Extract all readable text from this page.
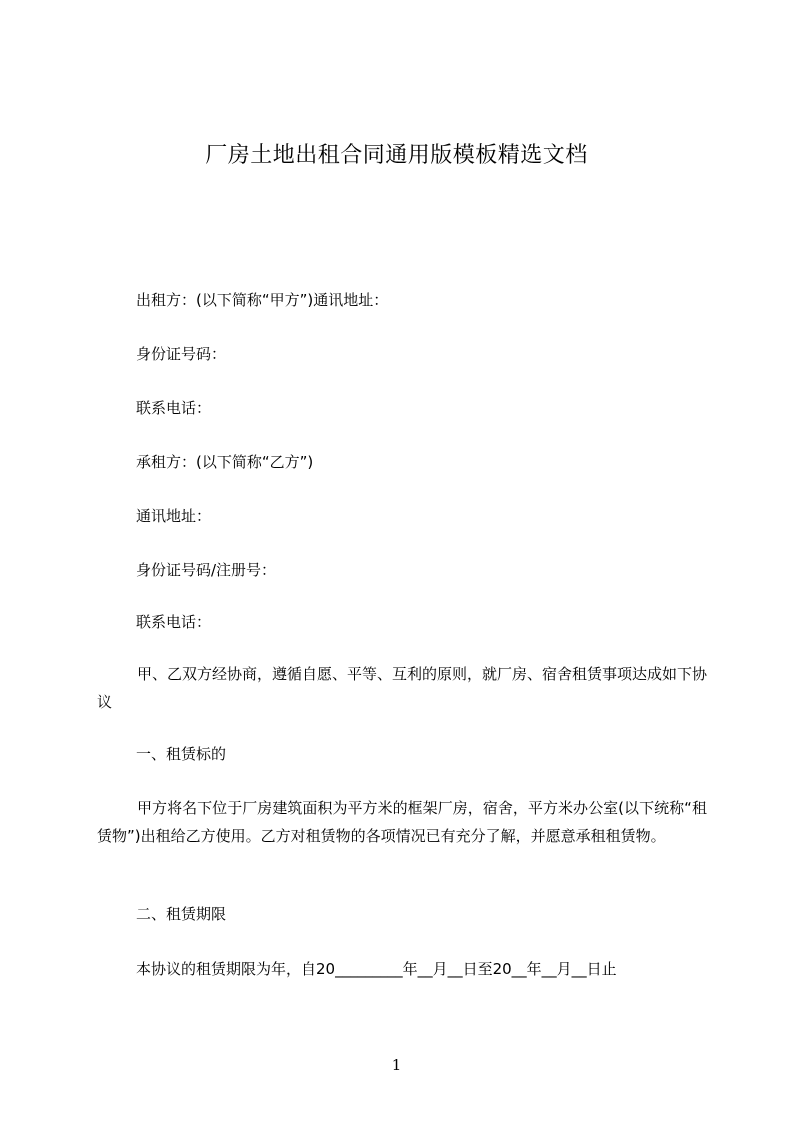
厂房土地出租合同通用版模板精选文档
出租方：(以下简称“甲方”)通讯地址：
身份证号码：
联系电话：
承租方：(以下简称“乙方”)
通讯地址：
身份证号码/注册号：
联系电话：
甲、乙双方经协商，遵循自愿、平等、互利的原则，就厂房、宿舍租赁事项达成如下协议
一、租赁标的
甲方将名下位于厂房建筑面积为平方米的框架厂房，宿舍，平方米办公室(以下统称“租赁物”)出租给乙方使用。乙方对租赁物的各项情况已有充分了解，并愿意承租租赁物。
二、租赁期限
本协议的租赁期限为年，自20_________年__月__日至20__年__月__日止
1
